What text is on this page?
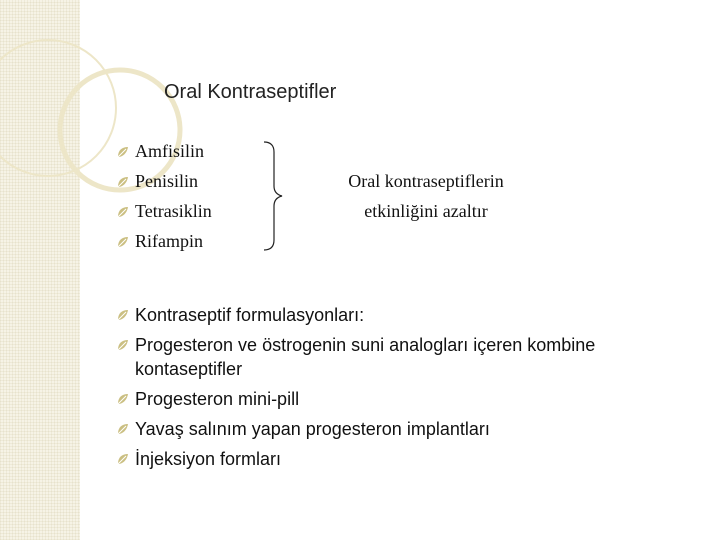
Oral Kontraseptifler
Amfisilin
Penisilin
Tetrasiklin
Rifampin
Oral kontraseptiflerin
etkinliğini azaltır
Kontraseptif formulasyonları:
Progesteron ve östrogenin suni analogları içeren kombine kontaseptifler
Progesteron mini-pill
Yavaş salınım yapan progesteron implantları
İnjeksiyon formları
